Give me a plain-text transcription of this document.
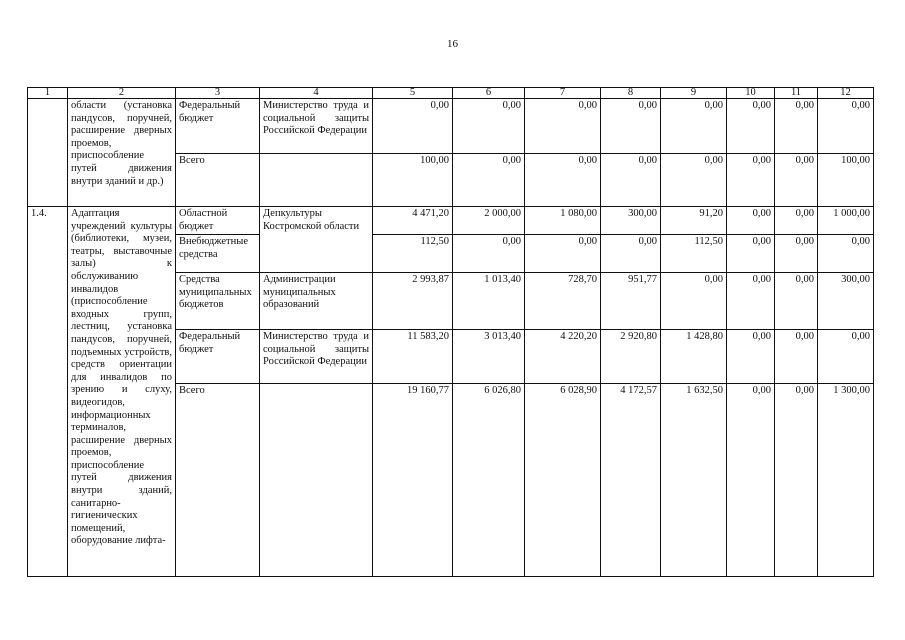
16
1	2	3	4	5	6	7	8	9	10	11	12
	области (установка пандусов, поручней, расширение дверных проемов, приспособление путей движения внутри зданий и др.)	Федеральный бюджет	Министерство труда и социальной защиты Российской Федерации	0,00	0,00	0,00	0,00	0,00	0,00	0,00	0,00
		Всего		100,00	0,00	0,00	0,00	0,00	0,00	0,00	100,00
1.4.	Адаптация учреждений культуры (библиотеки, музеи, театры, выставочные залы) к обслуживанию инвалидов (приспособление входных групп, лестниц, установка пандусов, поручней, подъемных устройств, средств ориентации для инвалидов по зрению и слуху, видеогидов, информационных терминалов, расширение дверных проемов, приспособление путей движения внутри зданий, санитарно-гигиенических помещений, оборудование лифта-	Областной бюджет	Депкультуры Костромской области	4 471,20	2 000,00	1 080,00	300,00	91,20	0,00	0,00	1 000,00
		Внебюджетные средства		112,50	0,00	0,00	0,00	112,50	0,00	0,00	0,00
		Средства муниципальных бюджетов	Администрации муниципальных образований	2 993,87	1 013,40	728,70	951,77	0,00	0,00	0,00	300,00
		Федеральный бюджет	Министерство труда и социальной защиты Российской Федерации	11 583,20	3 013,40	4 220,20	2 920,80	1 428,80	0,00	0,00	0,00
		Всего		19 160,77	6 026,80	6 028,90	4 172,57	1 632,50	0,00	0,00	1 300,00
